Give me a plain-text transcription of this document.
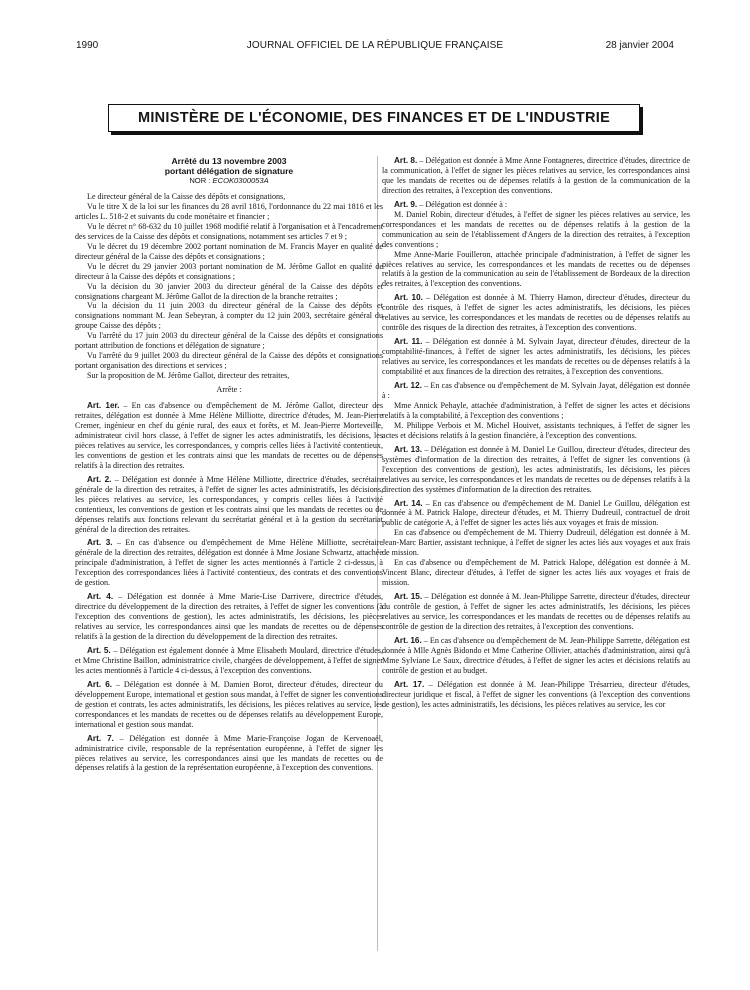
1990	JOURNAL OFFICIEL DE LA RÉPUBLIQUE FRANÇAISE	28 janvier 2004
MINISTÈRE DE L'ÉCONOMIE, DES FINANCES ET DE L'INDUSTRIE
Arrêté du 13 novembre 2003
portant délégation de signature
NOR : ECOK0300053A

Le directeur général de la Caisse des dépôts et consignations,

Vu le titre X de la loi sur les finances du 28 avril 1816, l'ordonnance du 22 mai 1816 et les articles L. 518-2 et suivants du code monétaire et financier ;

Vu le décret n° 68-632 du 10 juillet 1968 modifié relatif à l'organisation et à l'encadrement des services de la Caisse des dépôts et consignations, notamment ses articles 7 et 9 ;

Vu le décret du 19 décembre 2002 portant nomination de M. Francis Mayer en qualité de directeur général de la Caisse des dépôts et consignations ;

Vu le décret du 29 janvier 2003 portant nomination de M. Jérôme Gallot en qualité de directeur à la Caisse des dépôts et consignations ;

Vu la décision du 30 janvier 2003 du directeur général de la Caisse des dépôts et consignations chargeant M. Jérôme Gallot de la direction de la branche retraites ;

Vu la décision du 11 juin 2003 du directeur général de la Caisse des dépôts et consignations nommant M. Jean Sebeyran, à compter du 12 juin 2003, secrétaire général du groupe Caisse des dépôts ;

Vu l'arrêté du 17 juin 2003 du directeur général de la Caisse des dépôts et consignations portant attribution de fonctions et délégation de signature ;

Vu l'arrêté du 9 juillet 2003 du directeur général de la Caisse des dépôts et consignations portant organisation des directions et services ;

Sur la proposition de M. Jérôme Gallot, directeur des retraites,

Arrête :

Art. 1er. – En cas d'absence ou d'empêchement de M. Jérôme Gallot, directeur des retraites, délégation est donnée à Mme Hélène Milliotte, directrice d'études, M. Jean-Pierre Cremer, ingénieur en chef du génie rural, des eaux et forêts, et M. Jean-Pierre Morteveille, administrateur civil hors classe, à l'effet de signer les actes administratifs, les décisions, les pièces relatives au service, les correspondances, y compris celles liées à l'activité contentieux, les conventions de gestion et les contrats ainsi que les mandats de recettes ou de dépenses relatifs à la direction des retraites.

Art. 2. – Délégation est donnée à Mme Hélène Milliotte, directrice d'études, secrétaire générale de la direction des retraites, à l'effet de signer les actes administratifs, les décisions, les pièces relatives au service, les correspondances, y compris celles liées à l'activité contentieux, les conventions de gestion et les contrats ainsi que les mandats de recettes ou de dépenses relatifs aux fonctions relevant du secrétariat général et à la gestion du secrétariat général de la direction des retraites.

Art. 3. – En cas d'absence ou d'empêchement de Mme Hélène Milliotte, secrétaire générale de la direction des retraites, délégation est donnée à Mme Josiane Schwartz, attachée principale d'administration, à l'effet de signer les actes mentionnés à l'article 2 ci-dessus, à l'exception des correspondances liées à l'activité contentieux, des contrats et des conventions de gestion.

Art. 4. – Délégation est donnée à Mme Marie-Lise Darrivere, directrice d'études, directrice du développement de la direction des retraites, à l'effet de signer les conventions (à l'exception des conventions de gestion), les actes administratifs, les décisions, les pièces relatives au service, les correspondances ainsi que les mandats de recettes ou de dépenses relatifs à la gestion de la direction du développement de la direction des retraites.

Art. 5. – Délégation est également donnée à Mme Elisabeth Moulard, directrice d'études, et Mme Christine Baillon, administratrice civile, chargées de développement, à l'effet de signer les actes mentionnés à l'article 4 ci-dessus, à l'exception des conventions.

Art. 6. – Délégation est donnée à M. Damien Borot, directeur d'études, directeur du développement Europe, international et gestion sous mandat, à l'effet de signer les conventions de gestion et contrats, les actes administratifs, les décisions, les pièces relatives au service, les correspondances et les mandats de recettes ou de dépenses relatifs au développement Europe, international et gestion sous mandat.

Art. 7. – Délégation est donnée à Mme Marie-Françoise Jogan de Kervenoaël, administratrice civile, responsable de la représentation européenne, à l'effet de signer les pièces relatives au service, les correspondances ainsi que les mandats de recettes ou de dépenses relatifs à la gestion de la représentation européenne, à l'exception des conventions.

Art. 8. – Délégation est donnée à Mme Anne Fontagneres, directrice d'études, directrice de la communication, à l'effet de signer les pièces relatives au service, les correspondances ainsi que les mandats de recettes ou de dépenses relatifs à la gestion de la communication de la direction des retraites, à l'exception des conventions.

Art. 9. – Délégation est donnée à :

M. Daniel Robin, directeur d'études, à l'effet de signer les pièces relatives au service, les correspondances et les mandats de recettes ou de dépenses relatifs à la gestion de la communication au sein de l'établissement d'Angers de la direction des retraites, à l'exception des conventions ;

Mme Anne-Marie Fouilleron, attachée principale d'administration, à l'effet de signer les pièces relatives au service, les correspondances et les mandats de recettes ou de dépenses relatifs à la gestion de la communication au sein de l'établissement de Bordeaux de la direction des retraites, à l'exception des conventions.

Art. 10. – Délégation est donnée à M. Thierry Hamon, directeur d'études, directeur du contrôle des risques, à l'effet de signer les actes administratifs, les décisions, les pièces relatives au service, les correspondances et les mandats de recettes ou de dépenses relatifs au contrôle des risques de la direction des retraites, à l'exception des conventions.

Art. 11. – Délégation est donnée à M. Sylvain Jayat, directeur d'études, directeur de la comptabilité-finances, à l'effet de signer les actes administratifs, les décisions, les pièces relatives au service, les correspondances et les mandats de recettes ou de dépenses relatifs à la comptabilité et aux finances de la direction des retraites, à l'exception des conventions.

Art. 12. – En cas d'absence ou d'empêchement de M. Sylvain Jayat, délégation est donnée à :

Mme Annick Pehayle, attachée d'administration, à l'effet de signer les actes et décisions relatifs à la comptabilité, à l'exception des conventions ;

M. Philippe Verbois et M. Michel Houivet, assistants techniques, à l'effet de signer les actes et décisions relatifs à la gestion financière, à l'exception des conventions.

Art. 13. – Délégation est donnée à M. Daniel Le Guillou, directeur d'études, directeur des systèmes d'information de la direction des retraites, à l'effet de signer les conventions (à l'exception des conventions de gestion), les actes administratifs, les décisions, les pièces relatives au service, les correspondances et les mandats de recettes ou de dépenses relatifs à la direction des systèmes d'information de la direction des retraites.

Art. 14. – En cas d'absence ou d'empêchement de M. Daniel Le Guillou, délégation est donnée à M. Patrick Halope, directeur d'études, et M. Thierry Dudreuil, contractuel de droit public de catégorie A, à l'effet de signer les actes liés aux voyages et frais de mission.

En cas d'absence ou d'empêchement de M. Thierry Dudreuil, délégation est donnée à M. Jean-Marc Bartier, assistant technique, à l'effet de signer les actes liés aux voyages et aux frais de mission.

En cas d'absence ou d'empêchement de M. Patrick Halope, délégation est donnée à M. Vincent Blanc, directeur d'études, à l'effet de signer les actes liés aux voyages et frais de mission.

Art. 15. – Délégation est donnée à M. Jean-Philippe Sarrette, directeur d'études, directeur du contrôle de gestion, à l'effet de signer les actes administratifs, les décisions, les pièces relatives au service, les correspondances et les mandats de recettes ou de dépenses relatifs au contrôle de gestion de la direction des retraites, à l'exception des conventions.

Art. 16. – En cas d'absence ou d'empêchement de M. Jean-Philippe Sarrette, délégation est donnée à Mlle Agnès Bidondo et Mme Catherine Ollivier, attachés d'administration, ainsi qu'à Mme Sylviane Le Saux, directrice d'études, à l'effet de signer les actes et décisions relatifs au contrôle de gestion et au budget.

Art. 17. – Délégation est donnée à M. Jean-Philippe Trésarrieu, directeur d'études, directeur juridique et fiscal, à l'effet de signer les conventions (à l'exception des conventions de gestion), les actes administratifs, les décisions, les pièces relatives au service, les cor
